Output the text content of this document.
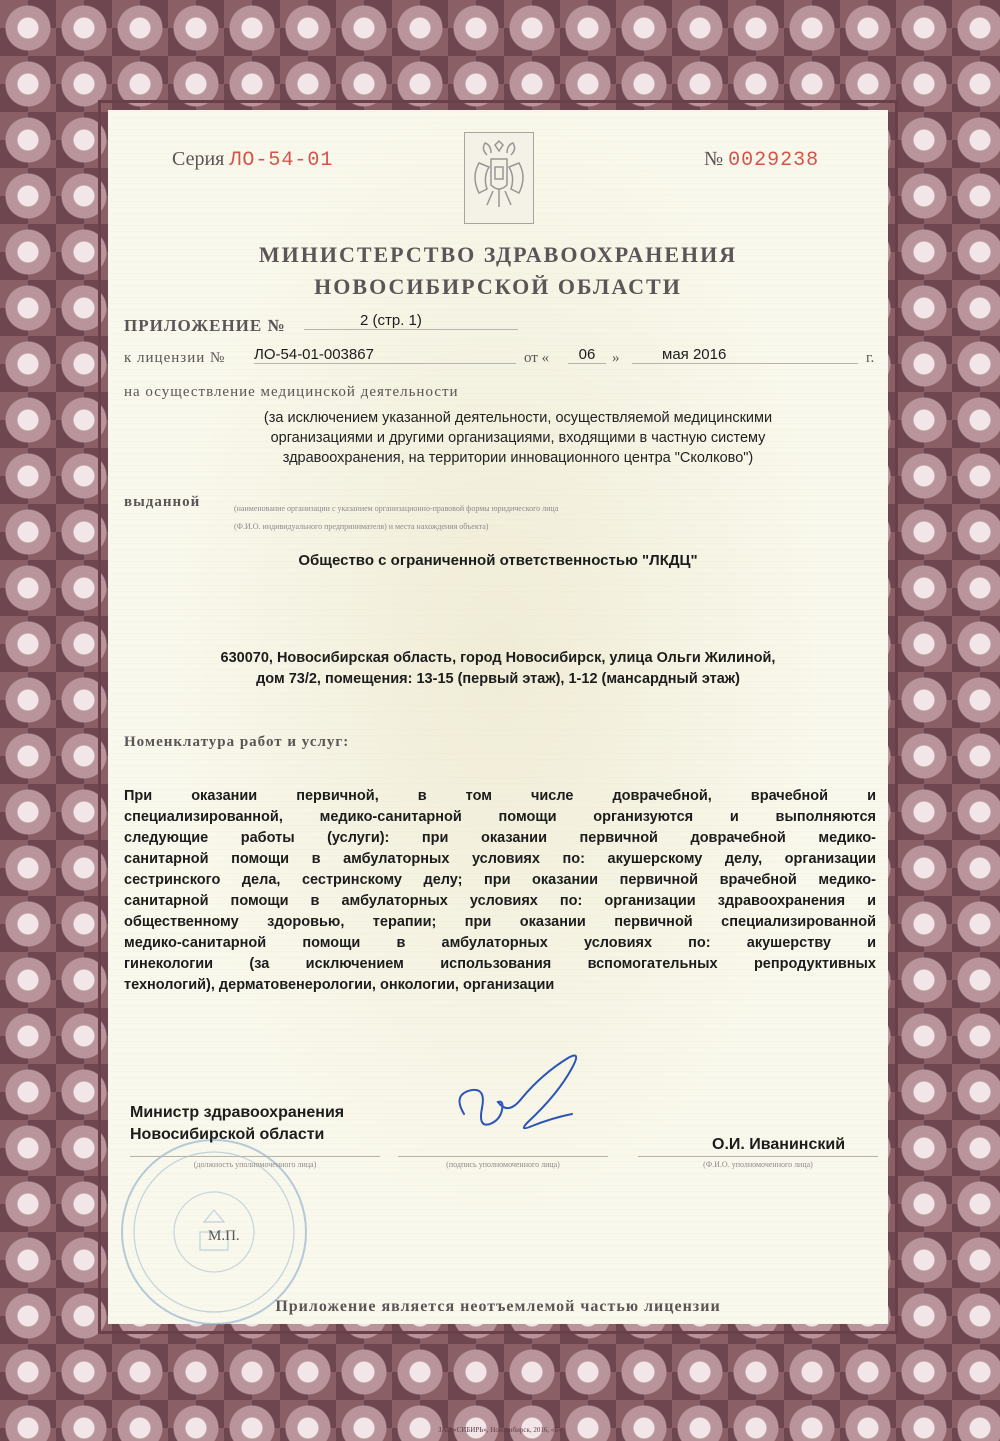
Серия ЛО-54-01	№ 0029238
МИНИСТЕРСТВО ЗДРАВООХРАНЕНИЯ
НОВОСИБИРСКОЙ ОБЛАСТИ
ПРИЛОЖЕНИЕ №	2 (стр. 1)
к лицензии № ЛО-54-01-003867	от «	06	»	мая 2016	г.
на осуществление медицинской деятельности
(за исключением указанной деятельности, осуществляемой медицинскими
организациями и другими организациями, входящими в частную систему
здравоохранения, на территории инновационного центра "Сколково")
выданной	(наименование организации с указанием организационно-правовой формы юридического лица
(Ф.И.О. индивидуального предпринимателя) и места нахождения объекта)
Общество с ограниченной ответственностью "ЛКДЦ"
630070, Новосибирская область, город Новосибирск, улица Ольги Жилиной,
дом 73/2, помещения: 13-15 (первый этаж), 1-12 (мансардный этаж)
Номенклатура работ и услуг:
При оказании первичной, в том числе доврачебной, врачебной и
специализированной, медико-санитарной помощи организуются и выполняются
следующие работы (услуги): при оказании первичной доврачебной медико-
санитарной помощи в амбулаторных условиях по: акушерскому делу, организации
сестринского дела, сестринскому делу; при оказании первичной врачебной медико-
санитарной помощи в амбулаторных условиях по: организации здравоохранения и
общественному здоровью, терапии; при оказании первичной специализированной
медико-санитарной помощи в амбулаторных условиях по: акушерству и
гинекологии (за исключением использования вспомогательных репродуктивных
технологий), дерматовенерологии, онкологии, организации
Министр здравоохранения
Новосибирской области
(должность уполномоченного лица)	(подпись уполномоченного лица)
О.И. Иванинский
(Ф.И.О. уполномоченного лица)
М.П.
Приложение является неотъемлемой частью лицензии
ЗАО «СИБИРЬ», Новосибирск, 2016, «Б»
